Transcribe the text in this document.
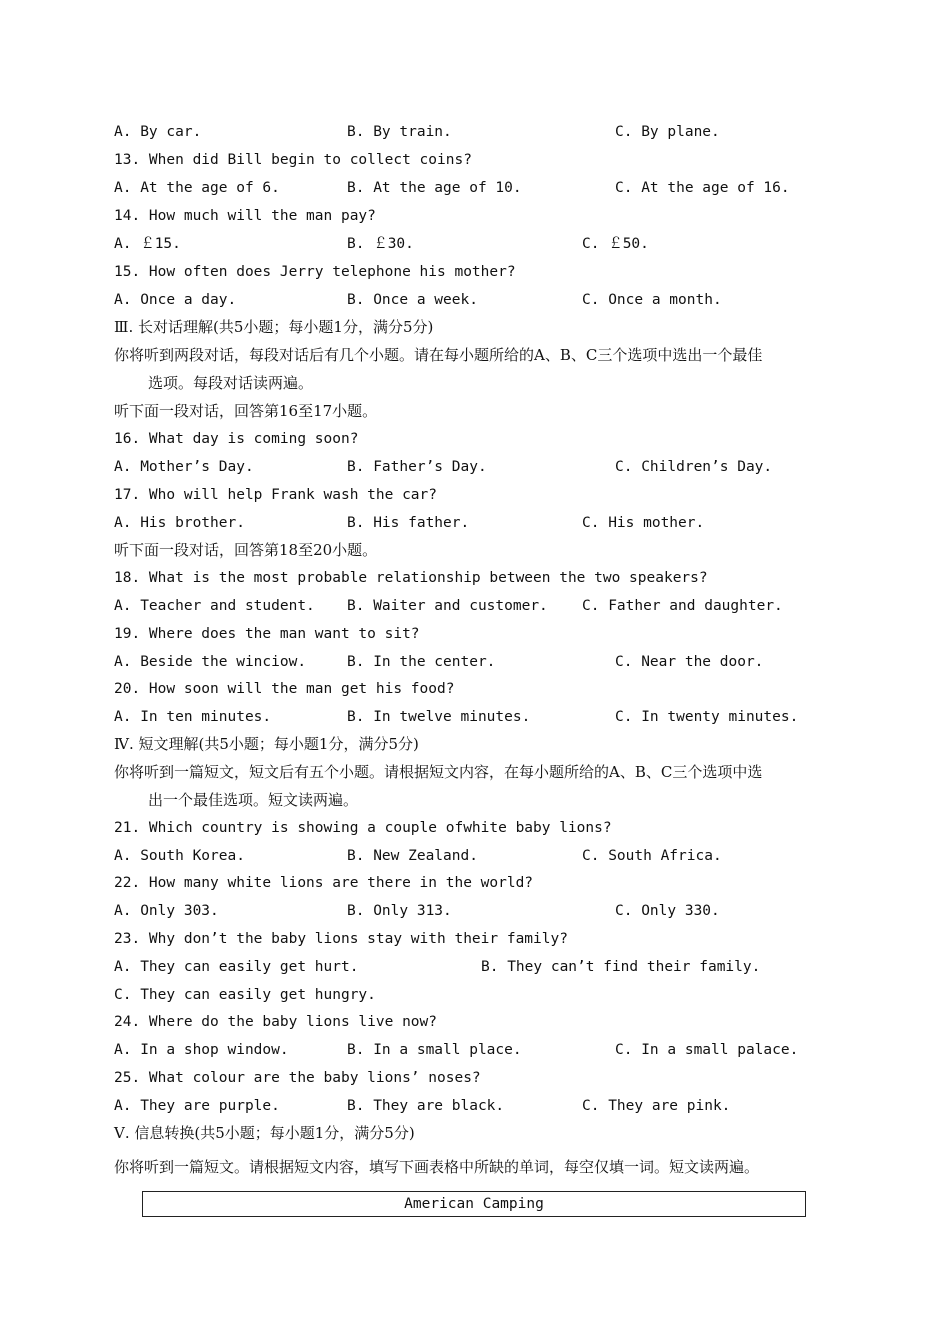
A. By car.	B. By train.	C. By plane.
13. When did Bill begin to collect coins?
A. At the age of 6.	B. At the age of 10.	C. At the age of 16.
14. How much will the man pay?
A. ￡15.	B. ￡30.	C. ￡50.
15. How often does Jerry telephone his mother?
A. Once a day.	B. Once a week.	C. Once a month.
Ⅲ. 长对话理解(共5小题；每小题1分，满分5分)
你将听到两段对话，每段对话后有几个小题。请在每小题所给的A、B、C三个选项中选出一个最佳
选项。每段对话读两遍。
听下面一段对话，回答第16至17小题。
16. What day is coming soon?
A. Mother’s Day.	B. Father’s Day.	C. Children’s Day.
17. Who will help Frank wash the car?
A. His brother.	B. His father.	C. His mother.
听下面一段对话，回答第18至20小题。
18. What is the most probable relationship between the two speakers?
A. Teacher and student. B. Waiter and customer. C. Father and daughter.
19. Where does the man want to sit?
A. Beside the winciow.	B. In the center.	C. Near the door.
20. How soon will the man get his food?
A. In ten minutes.	B. In twelve minutes.	C. In twenty minutes.
Ⅳ. 短文理解(共5小题；每小题1分，满分5分)
你将听到一篇短文，短文后有五个小题。请根据短文内容，在每小题所给的A、B、C三个选项中选
出一个最佳选项。短文读两遍。
21. Which country is showing a couple ofwhite baby lions?
A. South Korea.	B. New Zealand.	C. South Africa.
22. How many white lions are there in the world?
A. Only 303.	B. Only 313.	C. Only 330.
23. Why don’t the baby lions stay with their family?
A. They can easily get hurt.	B. They can’t find their family.
C. They can easily get hungry.
24. Where do the baby lions live now?
A. In a shop window.	B. In a small place.	C. In a small palace.
25. What colour are the baby lions’ noses?
A. They are purple.	B. They are black.	C. They are pink.
Ⅴ. 信息转换(共5小题；每小题1分，满分5分)
你将听到一篇短文。请根据短文内容，填写下画表格中所缺的单词，每空仅填一词。短文读两遍。
American Camping
